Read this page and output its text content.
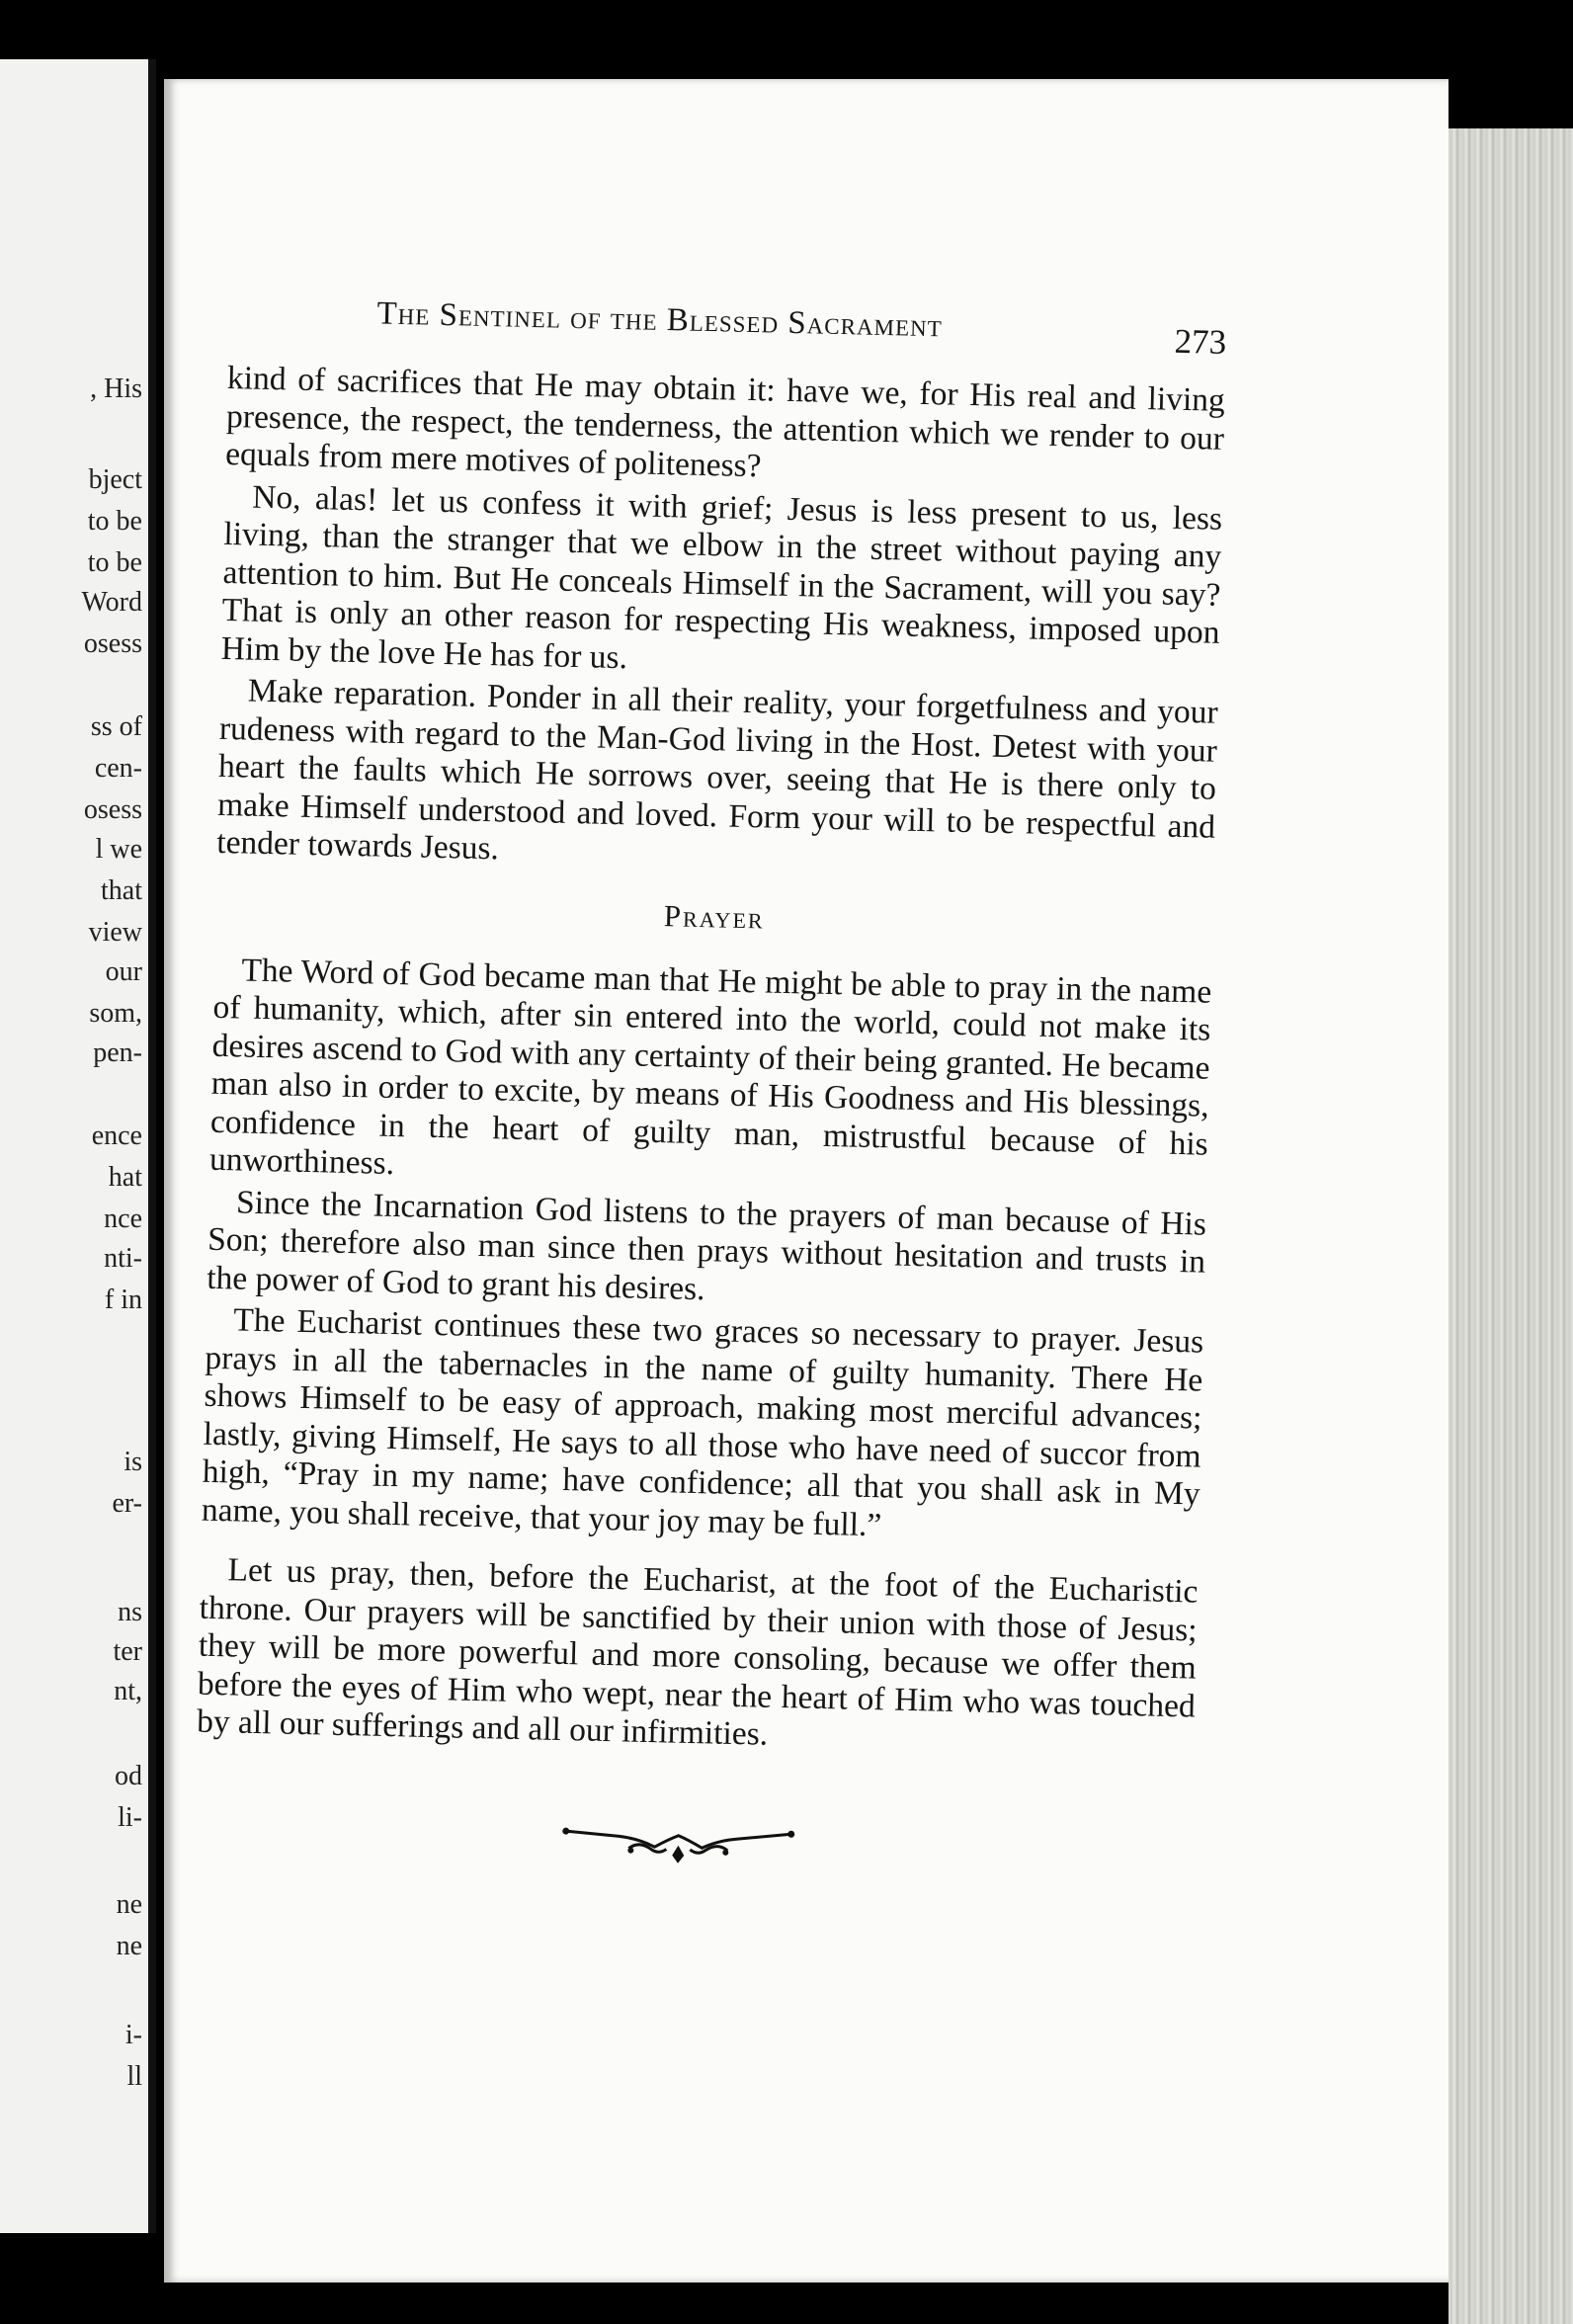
, His
bject
to be
to be
Word
osess
ss of
cen-
osess
l we
that
view
our
som,
pen-
ence
hat
nce
nti-
f in
is
er-
ns
ter
nt,
od
li-
ne
ne
i-
ll
The Sentinel of the Blessed Sacrament	273

kind of sacrifices that He may obtain it: have we, for His real and living presence, the respect, the tenderness, the attention which we render to our equals from mere motives of politeness?

No, alas! let us confess it with grief; Jesus is less present to us, less living, than the stranger that we elbow in the street without paying any attention to him. But He conceals Himself in the Sacrament, will you say? That is only an other reason for respecting His weakness, imposed upon Him by the love He has for us.

Make reparation. Ponder in all their reality, your forgetfulness and your rudeness with regard to the Man-God living in the Host. Detest with your heart the faults which He sorrows over, seeing that He is there only to make Himself understood and loved. Form your will to be respectful and tender towards Jesus.

Prayer

The Word of God became man that He might be able to pray in the name of humanity, which, after sin entered into the world, could not make its desires ascend to God with any certainty of their being granted. He became man also in order to excite, by means of His Goodness and His blessings, confidence in the heart of guilty man, mistrustful because of his unworthiness.

Since the Incarnation God listens to the prayers of man because of His Son; therefore also man since then prays without hesitation and trusts in the power of God to grant his desires.

The Eucharist continues these two graces so necessary to prayer. Jesus prays in all the tabernacles in the name of guilty humanity. There He shows Himself to be easy of approach, making most merciful advances; lastly, giving Himself, He says to all those who have need of succor from high, “Pray in my name; have confidence; all that you shall ask in My name, you shall receive, that your joy may be full.”

Let us pray, then, before the Eucharist, at the foot of the Eucharistic throne. Our prayers will be sanctified by their union with those of Jesus; they will be more powerful and more consoling, because we offer them before the eyes of Him who wept, near the heart of Him who was touched by all our sufferings and all our infirmities.
